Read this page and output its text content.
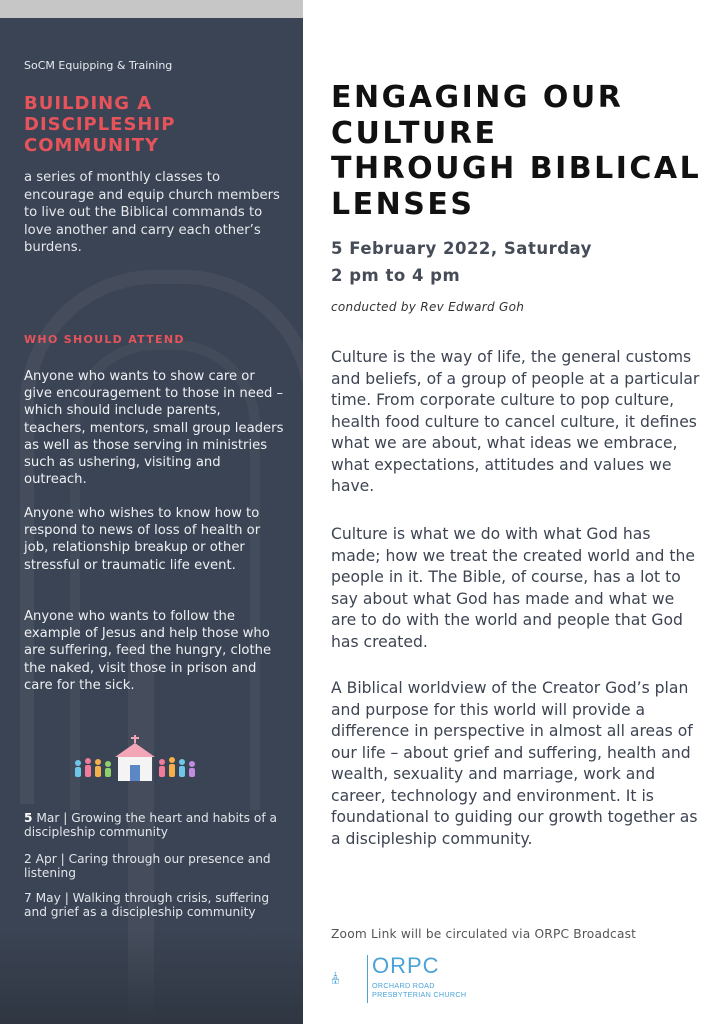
SoCM Equipping & Training
BUILDING A
DISCIPLESHIP
COMMUNITY
a series of monthly classes to encourage and equip church members to live out the Biblical commands to love another and carry each other’s burdens.
WHO SHOULD ATTEND
Anyone who wants to show care or give encouragement to those in need – which should include parents, teachers, mentors, small group leaders as well as those serving in ministries such as ushering, visiting and outreach.
Anyone who wishes to know how to respond to news of loss of health or job, relationship breakup or other stressful or traumatic life event.
Anyone who wants to follow the example of Jesus and help those who are suffering, feed the hungry, clothe the naked, visit those in prison and care for the sick.
5 Mar | Growing the heart and habits of a discipleship community
2 Apr | Caring through our presence and listening
7 May | Walking through crisis, suffering and grief as a discipleship community
ENGAGING OUR
CULTURE
THROUGH BIBLICAL
LENSES
5 February 2022, Saturday
2 pm to 4 pm
conducted by Rev Edward Goh
Culture is the way of life, the general customs and beliefs, of a group of people at a particular time. From corporate culture to pop culture, health food culture to cancel culture, it defines what we are about, what ideas we embrace, what expectations, attitudes and values we have.
Culture is what we do with what God has made; how we treat the created world and the people in it. The Bible, of course, has a lot to say about what God has made and what we are to do with the world and people that God has created.
A Biblical worldview of the Creator God’s plan and purpose for this world will provide a difference in perspective in almost all areas of our life – about grief and suffering, health and wealth, sexuality and marriage, work and career, technology and environment. It is foundational to guiding our growth together as a discipleship community.
Zoom Link will be circulated via ORPC Broadcast
ORPC
ORCHARD ROAD
PRESBYTERIAN CHURCH
